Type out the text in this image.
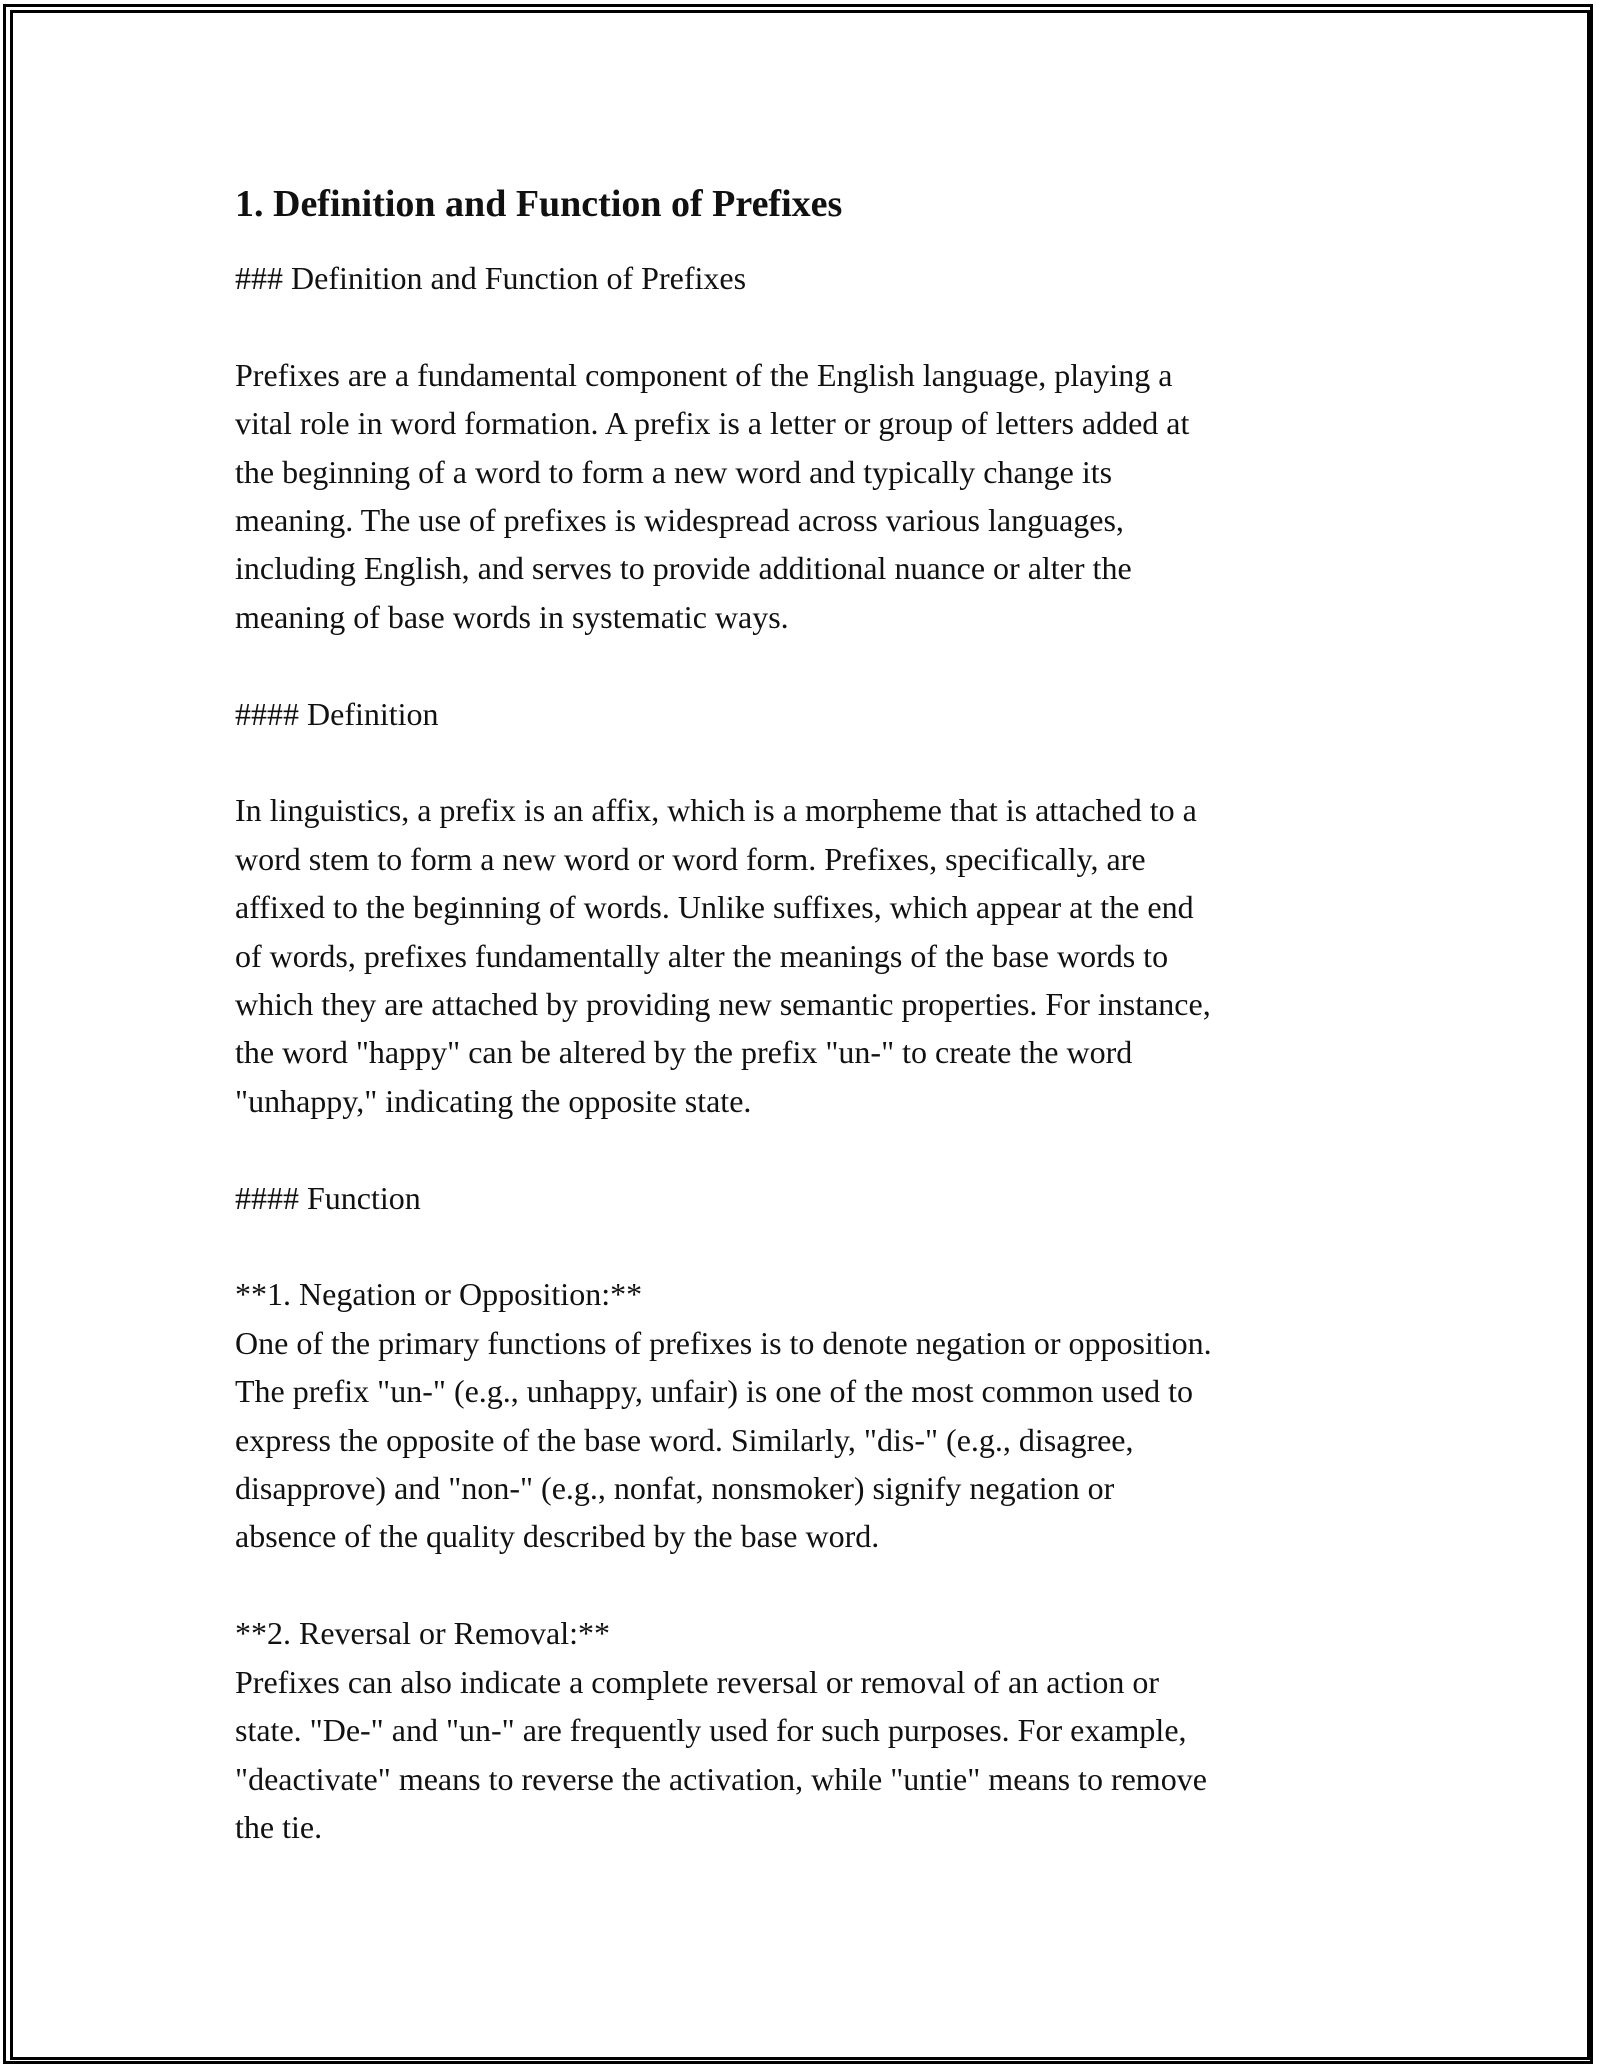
1. Definition and Function of Prefixes

### Definition and Function of Prefixes

Prefixes are a fundamental component of the English language, playing a
vital role in word formation. A prefix is a letter or group of letters added at
the beginning of a word to form a new word and typically change its
meaning. The use of prefixes is widespread across various languages,
including English, and serves to provide additional nuance or alter the
meaning of base words in systematic ways.

#### Definition

In linguistics, a prefix is an affix, which is a morpheme that is attached to a
word stem to form a new word or word form. Prefixes, specifically, are
affixed to the beginning of words. Unlike suffixes, which appear at the end
of words, prefixes fundamentally alter the meanings of the base words to
which they are attached by providing new semantic properties. For instance,
the word "happy" can be altered by the prefix "un-" to create the word
"unhappy," indicating the opposite state.

#### Function

**1. Negation or Opposition:**
One of the primary functions of prefixes is to denote negation or opposition.
The prefix "un-" (e.g., unhappy, unfair) is one of the most common used to
express the opposite of the base word. Similarly, "dis-" (e.g., disagree,
disapprove) and "non-" (e.g., nonfat, nonsmoker) signify negation or
absence of the quality described by the base word.

**2. Reversal or Removal:**
Prefixes can also indicate a complete reversal or removal of an action or
state. "De-" and "un-" are frequently used for such purposes. For example,
"deactivate" means to reverse the activation, while "untie" means to remove
the tie.
